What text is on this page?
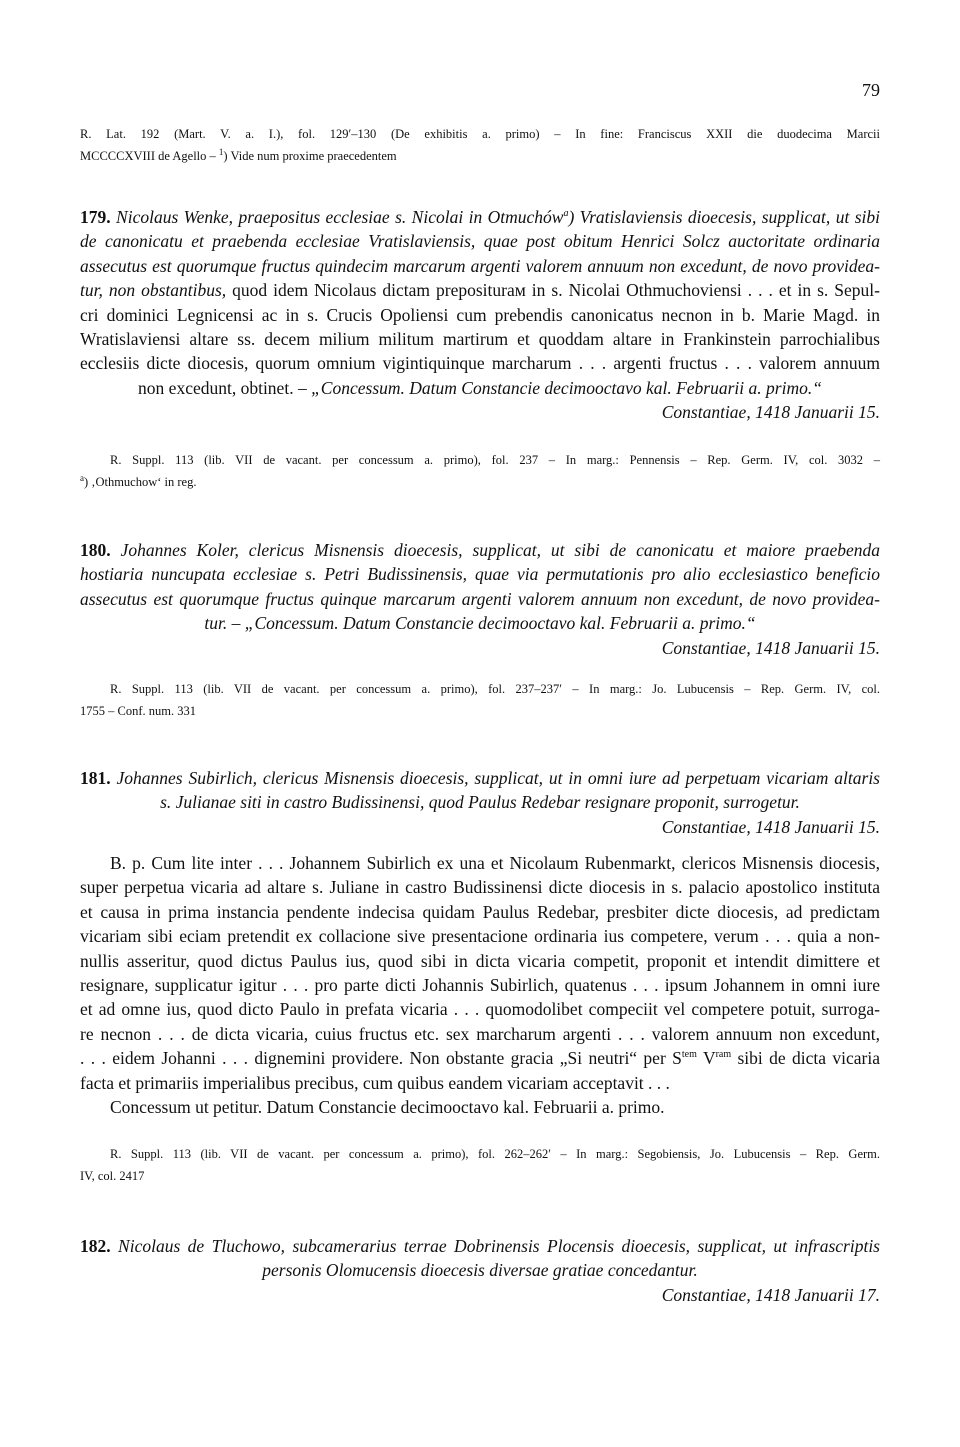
79
R. Lat. 192 (Mart. V. a. I.), fol. 129′–130 (De exhibitis a. primo) – In fine: Franciscus XXII die duodecima Marcii
MCCCCXVIII de Agello – $^1$) Vide num proxime praecedentem
179. Nicolaus Wenke, praepositus ecclesiae s. Nicolai in Otmuchów$^a$) Vratislaviensis dioecesis, supplicat, ut sibi
de canonicatu et praebenda ecclesiae Vratislaviensis, quae post obitum Henrici Solcz auctoritate ordinaria
assecutus est quorumque fructus quindecim marcarum argenti valorem annuum non excedunt, de novo providea-
tur, non obstantibus, quod idem Nicolaus dictam prepositurам in s. Nicolai Othmuchoviensi . . . et in s. Sepul-
cri dominici Legnicensi ac in s. Crucis Opoliensi cum prebendis canonicatus necnon in b. Marie Magd. in
Wratislaviensi altare ss. decem milium militum martirum et quoddam altare in Frankinstein parrochialibus
ecclesiis dicte diocesis, quorum omnium vigintiquinque marcharum . . . argenti fructus . . . valorem annuum
non excedunt, obtinet. – „Concessum. Datum Constancie decimooctavo kal. Februarii a. primo.“
Constantiae, 1418 Januarii 15.
R. Suppl. 113 (lib. VII de vacant. per concessum a. primo), fol. 237 – In marg.: Pennensis – Rep. Germ. IV, col. 3032 –
$^a$) ‚Othmuchow‘ in reg.
180. Johannes Koler, clericus Misnensis dioecesis, supplicat, ut sibi de canonicatu et maiore praebenda
hostiaria nuncupata ecclesiae s. Petri Budissinensis, quae via permutationis pro alio ecclesiastico beneficio
assecutus est quorumque fructus quinque marcarum argenti valorem annuum non excedunt, de novo providea-
tur. – „Concessum. Datum Constancie decimooctavo kal. Februarii a. primo.“
Constantiae, 1418 Januarii 15.
R. Suppl. 113 (lib. VII de vacant. per concessum a. primo), fol. 237–237′ – In marg.: Jo. Lubucensis – Rep. Germ. IV, col.
1755 – Conf. num. 331
181. Johannes Subirlich, clericus Misnensis dioecesis, supplicat, ut in omni iure ad perpetuam vicariam altaris
s. Julianae siti in castro Budissinensi, quod Paulus Redebar resignare proponit, surrogetur.
Constantiae, 1418 Januarii 15.
B. p. Cum lite inter . . . Johannem Subirlich ex una et Nicolaum Rubenmarkt, clericos Misnensis diocesis,
super perpetua vicaria ad altare s. Juliane in castro Budissinensi dicte diocesis in s. palacio apostolico instituta
et causa in prima instancia pendente indecisa quidam Paulus Redebar, presbiter dicte diocesis, ad predictam
vicariam sibi eciam pretendit ex collacione sive presentacione ordinaria ius competere, verum . . . quia a non-
nullis asseritur, quod dictus Paulus ius, quod sibi in dicta vicaria competit, proponit et intendit dimittere et
resignare, supplicatur igitur . . . pro parte dicti Johannis Subirlich, quatenus . . . ipsum Johannem in omni iure
et ad omne ius, quod dicto Paulo in prefata vicaria . . . quomodolibet compeciit vel competere potuit, surroga-
re necnon . . . de dicta vicaria, cuius fructus etc. sex marcharum argenti . . . valorem annuum non excedunt,
. . . eidem Johanni . . . dignemini providere. Non obstante gracia „Si neutri“ per $S^{tem}$ $V^{ram}$ sibi de dicta vicaria
facta et primariis imperialibus precibus, cum quibus eandem vicariam acceptavit . . .
Concessum ut petitur. Datum Constancie decimooctavo kal. Februarii a. primo.
R. Suppl. 113 (lib. VII de vacant. per concessum a. primo), fol. 262–262′ – In marg.: Segobiensis, Jo. Lubucensis – Rep. Germ.
IV, col. 2417
182. Nicolaus de Tluchowo, subcamerarius terrae Dobrinensis Plocensis dioecesis, supplicat, ut infrascriptis
personis Olomucensis dioecesis diversae gratiae concedantur.
Constantiae, 1418 Januarii 17.
